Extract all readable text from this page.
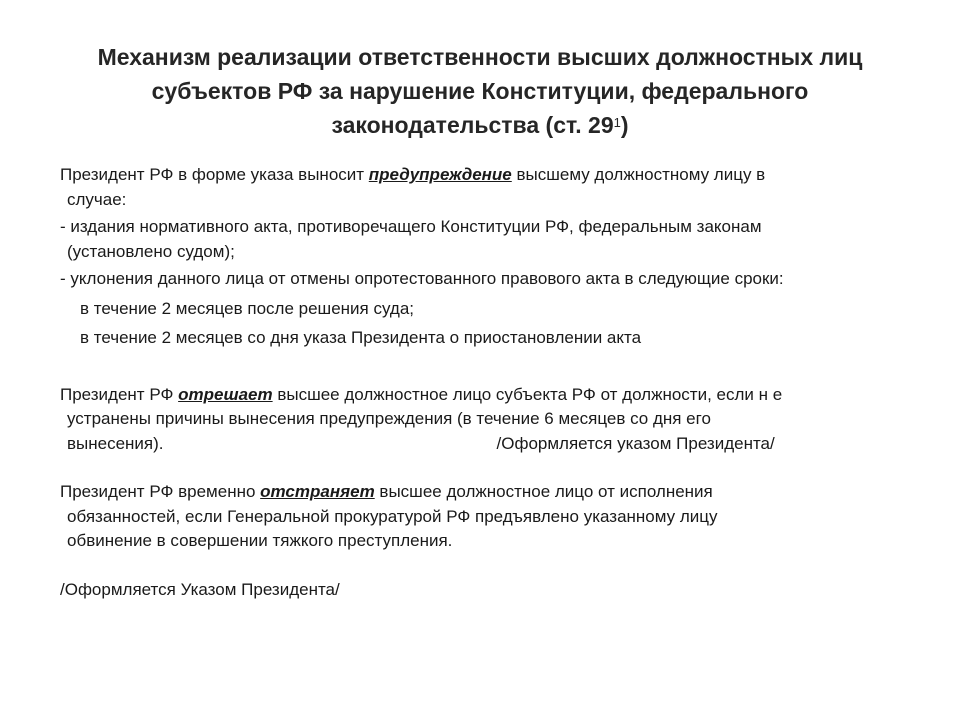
Механизм реализации ответственности высших должностных лиц
субъектов РФ за нарушение Конституции, федерального
законодательства (ст. $29^1$)

Президент РФ в форме указа выносит предупреждение высшему должностному лицу в
случае:

- издания нормативного акта, противоречащего Конституции РФ, федеральным законам
(установлено судом);

- уклонения данного лица от отмены опротестованного правового акта в следующие сроки:

в течение 2 месяцев после решения суда;

в течение 2 месяцев со дня указа Президента о приостановлении акта

Президент РФ отрешает высшее должностное лицо субъекта РФ от должности, если н е
устранены причины вынесения предупреждения (в течение 6 месяцев со дня его
вынесения).	/Оформляется указом Президента/

Президент РФ временно отстраняет высшее должностное лицо от исполнения
обязанностей, если Генеральной прокуратурой РФ предъявлено указанному лицу
обвинение в совершении тяжкого преступления.

/Оформляется Указом Президента/
